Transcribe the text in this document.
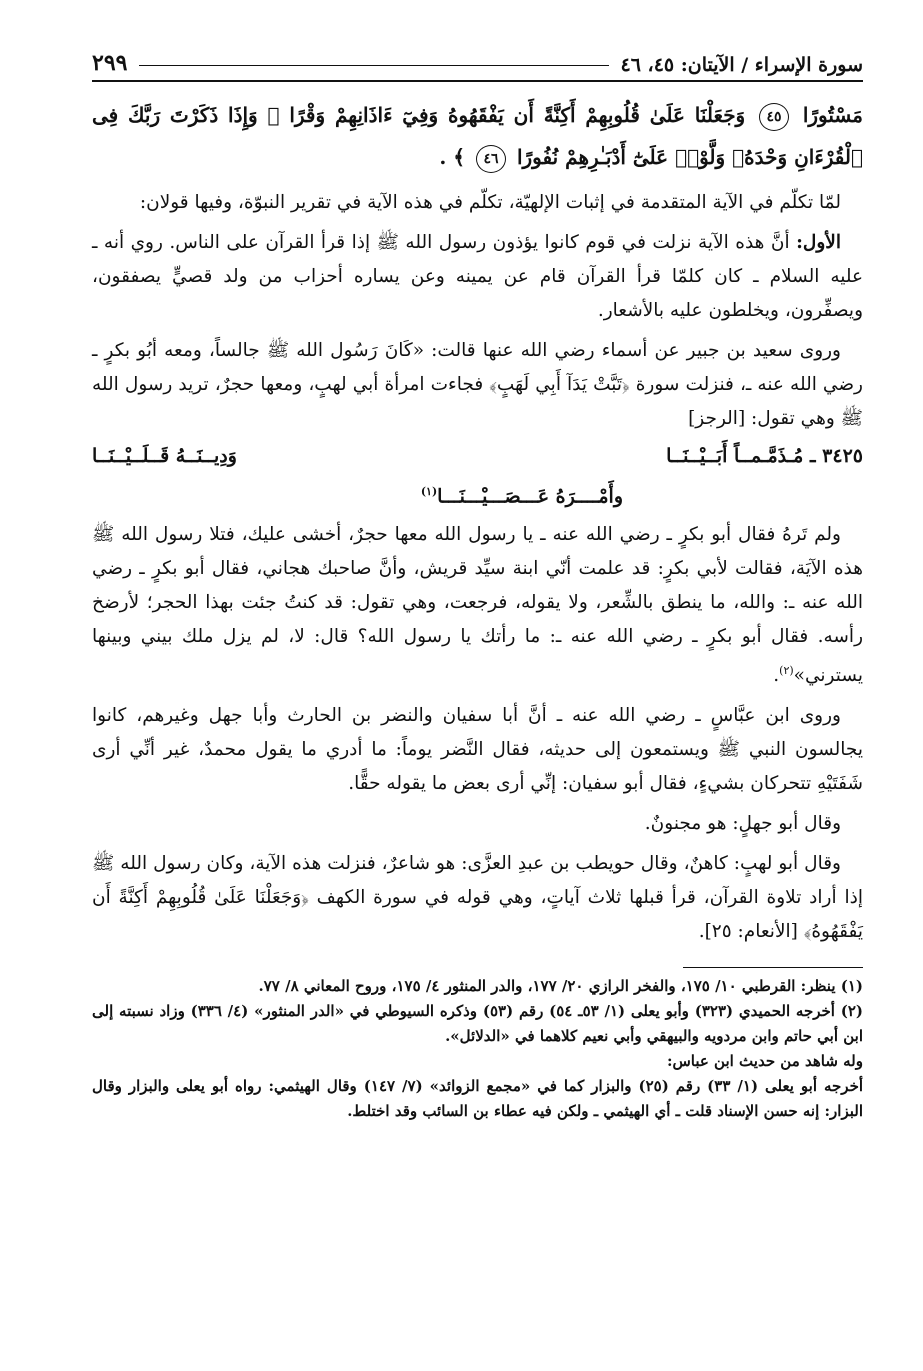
سورة الإسراء / الآيتان: ٤٥، ٤٦
٢٩٩
مَسْتُورًا ٤٥ وَجَعَلْنَا عَلَىٰ قُلُوبِهِمْ أَكِنَّةً أَن يَفْقَهُوهُ وَفِيٓ ءَاذَانِهِمْ وَقْرًا ۚ وَإِذَا ذَكَرْتَ رَبَّكَ فِى ٱلْقُرْءَانِ وَحْدَهُۥ وَلَّوْا۟ عَلَىٰٓ أَدْبَـٰرِهِمْ نُفُورًا ٤٦ ﴾ .

لمّا تكلّم في الآية المتقدمة في إثبات الإلهيّة، تكلّم في هذه الآية في تقرير النبوّة، وفيها قولان:

الأول: أنَّ هذه الآية نزلت في قوم كانوا يؤذون رسول الله ﷺ إذا قرأ القرآن على الناس. روي أنه ـ عليه السلام ـ كان كلمّا قرأ القرآن قام عن يمينه وعن يساره أحزاب من ولد قصيٍّ يصفقون، ويصفِّرون، ويخلطون عليه بالأشعار.

وروى سعيد بن جبير عن أسماء رضي الله عنها قالت: «كَانَ رَسُول الله ﷺ جالساً، ومعه أبُو بكرٍ ـ رضي الله عنه ـ، فنزلت سورة ﴿تَبَّتْ يَدَآ أَبِي لَهَبٍ﴾ فجاءت امرأة أبي لهبٍ، ومعها حجرٌ، تريد رسول الله ﷺ وهي تقول: [الرجز]

٣٤٢٥ ـ مُـذَمَّـمــاً أَبَــيْــنَــا
وَدِيــنَــهُ قَــلَــيْــنَــا
وأَمْــــرَهُ عَـــصَـــيْـــنَـــا$^{(١)}$

ولم تَرهُ فقال أبو بكرٍ ـ رضي الله عنه ـ يا رسول الله معها حجرٌ، أخشى عليك، فتلا رسول الله ﷺ هذه الآيَة، فقالت لأبي بكرٍ: قد علمت أنّي ابنة سيِّد قريش، وأنَّ صاحبك هجاني، فقال أبو بكرٍ ـ رضي الله عنه ـ: والله، ما ينطق بالشِّعر، ولا يقوله، فرجعت، وهي تقول: قد كنتُ جئت بهذا الحجر؛ لأرضخ رأسه. فقال أبو بكرٍ ـ رضي الله عنه ـ: ما رأتك يا رسول الله؟ قال: لا، لم يزل ملك بيني وبينها يسترني»$^{(٢)}$.

وروى ابن عبَّاسٍ ـ رضي الله عنه ـ أنَّ أبا سفيان والنضر بن الحارث وأبا جهل وغيرهم، كانوا يجالسون النبي ﷺ ويستمعون إلى حديثه، فقال النَّضر يوماً: ما أدري ما يقول محمدٌ، غير أنِّي أرى شَفَتَيْهِ تتحركان بشيءٍ، فقال أبو سفيان: إنِّي أرى بعض ما يقوله حقًّا.

وقال أبو جهلٍ: هو مجنونٌ.

وقال أبو لهبٍ: كاهنٌ، وقال حويطب بن عبدِ العزَّى: هو شاعرٌ، فنزلت هذه الآية، وكان رسول الله ﷺ إذا أراد تلاوة القرآن، قرأ قبلها ثلاث آياتٍ، وهي قوله في سورة الكهف ﴿وَجَعَلْنَا عَلَىٰ قُلُوبِهِمْ أَكِنَّةً أَن يَفْقَهُوهُ﴾ [الأنعام: ٢٥].

(١) ينظر: القرطبي ١٠/ ١٧٥، والفخر الرازي ٢٠/ ١٧٧، والدر المنثور ٤/ ١٧٥، وروح المعاني ٨/ ٧٧.
(٢) أخرجه الحميدي (٣٢٣) وأبو يعلى (١/ ٥٣ـ ٥٤) رقم (٥٣) وذكره السيوطي في «الدر المنثور» (٤/ ٣٣٦) وزاد نسبته إلى ابن أبي حاتم وابن مردويه والبيهقي وأبي نعيم كلاهما في «الدلائل».
وله شاهد من حديث ابن عباس:
أخرجه أبو يعلى (١/ ٣٣) رقم (٢٥) والبزار كما في «مجمع الزوائد» (٧/ ١٤٧) وقال الهيثمي: رواه أبو يعلى والبزار وقال البزار: إنه حسن الإسناد قلت ـ أي الهيثمي ـ ولكن فيه عطاء بن السائب وقد اختلط.
